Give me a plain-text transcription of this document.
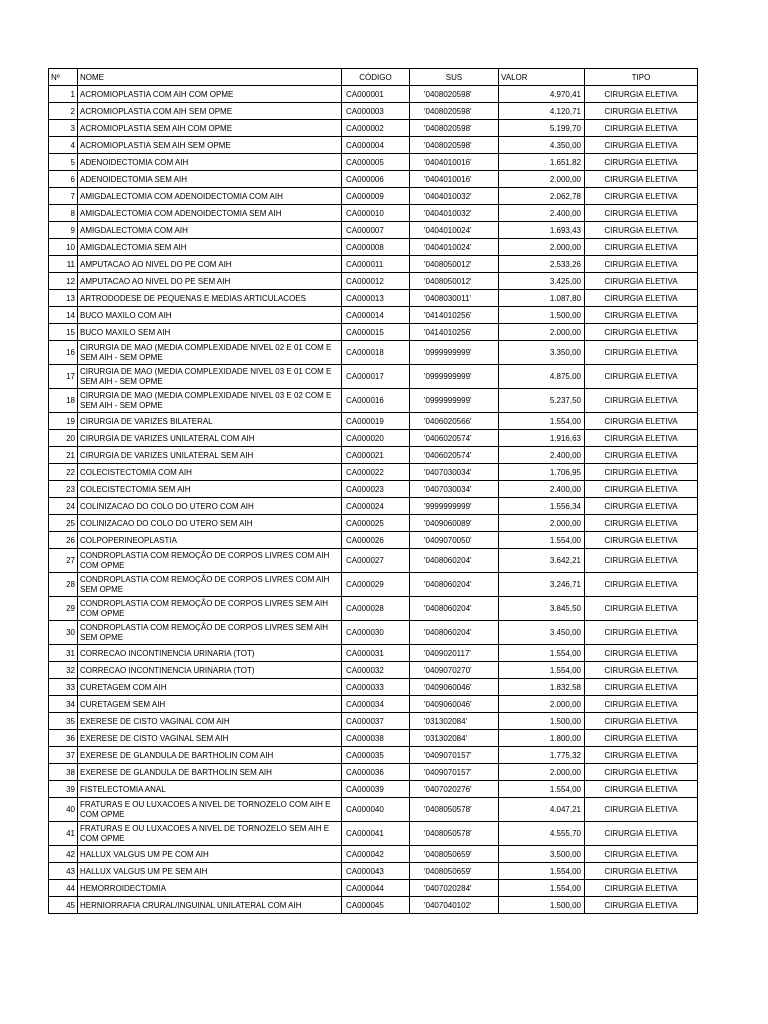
Nº	NOME	CÓDIGO	SUS	VALOR	TIPO
1	ACROMIOPLASTIA COM AIH COM OPME	CA000001	'0408020598'	4.970,41	CIRURGIA ELETIVA
2	ACROMIOPLASTIA COM AIH SEM OPME	CA000003	'0408020598'	4.120,71	CIRURGIA ELETIVA
3	ACROMIOPLASTIA SEM AIH COM OPME	CA000002	'0408020598'	5.199,70	CIRURGIA ELETIVA
4	ACROMIOPLASTIA SEM AIH SEM OPME	CA000004	'0408020598'	4.350,00	CIRURGIA ELETIVA
5	ADENOIDECTOMIA COM AIH	CA000005	'0404010016'	1.651,82	CIRURGIA ELETIVA
6	ADENOIDECTOMIA SEM AIH	CA000006	'0404010016'	2.000,00	CIRURGIA ELETIVA
7	AMIGDALECTOMIA COM ADENOIDECTOMIA COM AIH	CA000009	'0404010032'	2.062,78	CIRURGIA ELETIVA
8	AMIGDALECTOMIA COM ADENOIDECTOMIA SEM AIH	CA000010	'0404010032'	2.400,00	CIRURGIA ELETIVA
9	AMIGDALECTOMIA COM AIH	CA000007	'0404010024'	1.693,43	CIRURGIA ELETIVA
10	AMIGDALECTOMIA SEM AIH	CA000008	'0404010024'	2.000,00	CIRURGIA ELETIVA
11	AMPUTACAO AO NIVEL DO PE COM AIH	CA000011	'0408050012'	2.533,26	CIRURGIA ELETIVA
12	AMPUTACAO AO NIVEL DO PE SEM AIH	CA000012	'0408050012'	3.425,00	CIRURGIA ELETIVA
13	ARTRODODESE DE PEQUENAS E MEDIAS ARTICULACOES	CA000013	'0408030011'	1.087,80	CIRURGIA ELETIVA
14	BUCO MAXILO COM AIH	CA000014	'0414010256'	1.500,00	CIRURGIA ELETIVA
15	BUCO MAXILO SEM AIH	CA000015	'0414010256'	2.000,00	CIRURGIA ELETIVA
16	CIRURGIA DE MAO (MEDIA COMPLEXIDADE NIVEL 02 E 01 COM E SEM AIH - SEM OPME	CA000018	'0999999999'	3.350,00	CIRURGIA ELETIVA
17	CIRURGIA DE MAO (MEDIA COMPLEXIDADE NIVEL 03 E 01 COM E SEM AIH - SEM OPME	CA000017	'0999999999'	4.875,00	CIRURGIA ELETIVA
18	CIRURGIA DE MAO (MEDIA COMPLEXIDADE NIVEL 03 E 02 COM E SEM AIH - SEM OPME	CA000016	'0999999999'	5.237,50	CIRURGIA ELETIVA
19	CIRURGIA DE VARIZES BILATERAL	CA000019	'0406020566'	1.554,00	CIRURGIA ELETIVA
20	CIRURGIA DE VARIZES UNILATERAL COM AIH	CA000020	'0406020574'	1.916,63	CIRURGIA ELETIVA
21	CIRURGIA DE VARIZES UNILATERAL SEM AIH	CA000021	'0406020574'	2.400,00	CIRURGIA ELETIVA
22	COLECISTECTOMIA COM AIH	CA000022	'0407030034'	1.706,95	CIRURGIA ELETIVA
23	COLECISTECTOMIA SEM AIH	CA000023	'0407030034'	2.400,00	CIRURGIA ELETIVA
24	COLINIZACAO DO COLO DO UTERO COM AIH	CA000024	'9999999999'	1.556,34	CIRURGIA ELETIVA
25	COLINIZACAO DO COLO DO UTERO SEM AIH	CA000025	'0409060089'	2.000,00	CIRURGIA ELETIVA
26	COLPOPERINEOPLASTIA	CA000026	'0409070050'	1.554,00	CIRURGIA ELETIVA
27	CONDROPLASTIA COM REMOÇÃO DE CORPOS LIVRES COM AIH COM OPME	CA000027	'0408060204'	3.642,21	CIRURGIA ELETIVA
28	CONDROPLASTIA COM REMOÇÃO DE CORPOS LIVRES COM AIH SEM OPME	CA000029	'0408060204'	3.246,71	CIRURGIA ELETIVA
29	CONDROPLASTIA COM REMOÇÃO DE CORPOS LIVRES SEM AIH COM OPME	CA000028	'0408060204'	3.845,50	CIRURGIA ELETIVA
30	CONDROPLASTIA COM REMOÇÃO DE CORPOS LIVRES SEM AIH SEM OPME	CA000030	'0408060204'	3.450,00	CIRURGIA ELETIVA
31	CORRECAO INCONTINENCIA URINARIA (TOT)	CA000031	'0409020117'	1.554,00	CIRURGIA ELETIVA
32	CORRECAO INCONTINENCIA URINARIA (TOT)	CA000032	'0409070270'	1.554,00	CIRURGIA ELETIVA
33	CURETAGEM COM AIH	CA000033	'0409060046'	1.832,58	CIRURGIA ELETIVA
34	CURETAGEM SEM AIH	CA000034	'0409060046'	2.000,00	CIRURGIA ELETIVA
35	EXERESE DE CISTO VAGINAL COM AIH	CA000037	'031302084'	1.500,00	CIRURGIA ELETIVA
36	EXERESE DE CISTO VAGINAL SEM AIH	CA000038	'031302084'	1.800,00	CIRURGIA ELETIVA
37	EXERESE DE GLANDULA DE BARTHOLIN COM AIH	CA000035	'0409070157'	1.775,32	CIRURGIA ELETIVA
38	EXERESE DE GLANDULA DE BARTHOLIN SEM AIH	CA000036	'0409070157'	2.000,00	CIRURGIA ELETIVA
39	FISTELECTOMIA ANAL	CA000039	'0407020276'	1.554,00	CIRURGIA ELETIVA
40	FRATURAS E OU LUXACOES A NIVEL DE TORNOZELO COM AIH E COM OPME	CA000040	'0408050578'	4.047,21	CIRURGIA ELETIVA
41	FRATURAS E OU LUXACOES A NIVEL DE TORNOZELO SEM AIH E COM OPME	CA000041	'0408050578'	4.555,70	CIRURGIA ELETIVA
42	HALLUX VALGUS UM PE COM AIH	CA000042	'0408050659'	3.500,00	CIRURGIA ELETIVA
43	HALLUX VALGUS UM PE SEM AIH	CA000043	'0408050659'	1.554,00	CIRURGIA ELETIVA
44	HEMORROIDECTOMIA	CA000044	'0407020284'	1.554,00	CIRURGIA ELETIVA
45	HERNIORRAFIA CRURAL/INGUINAL UNILATERAL COM AIH	CA000045	'0407040102'	1.500,00	CIRURGIA ELETIVA
